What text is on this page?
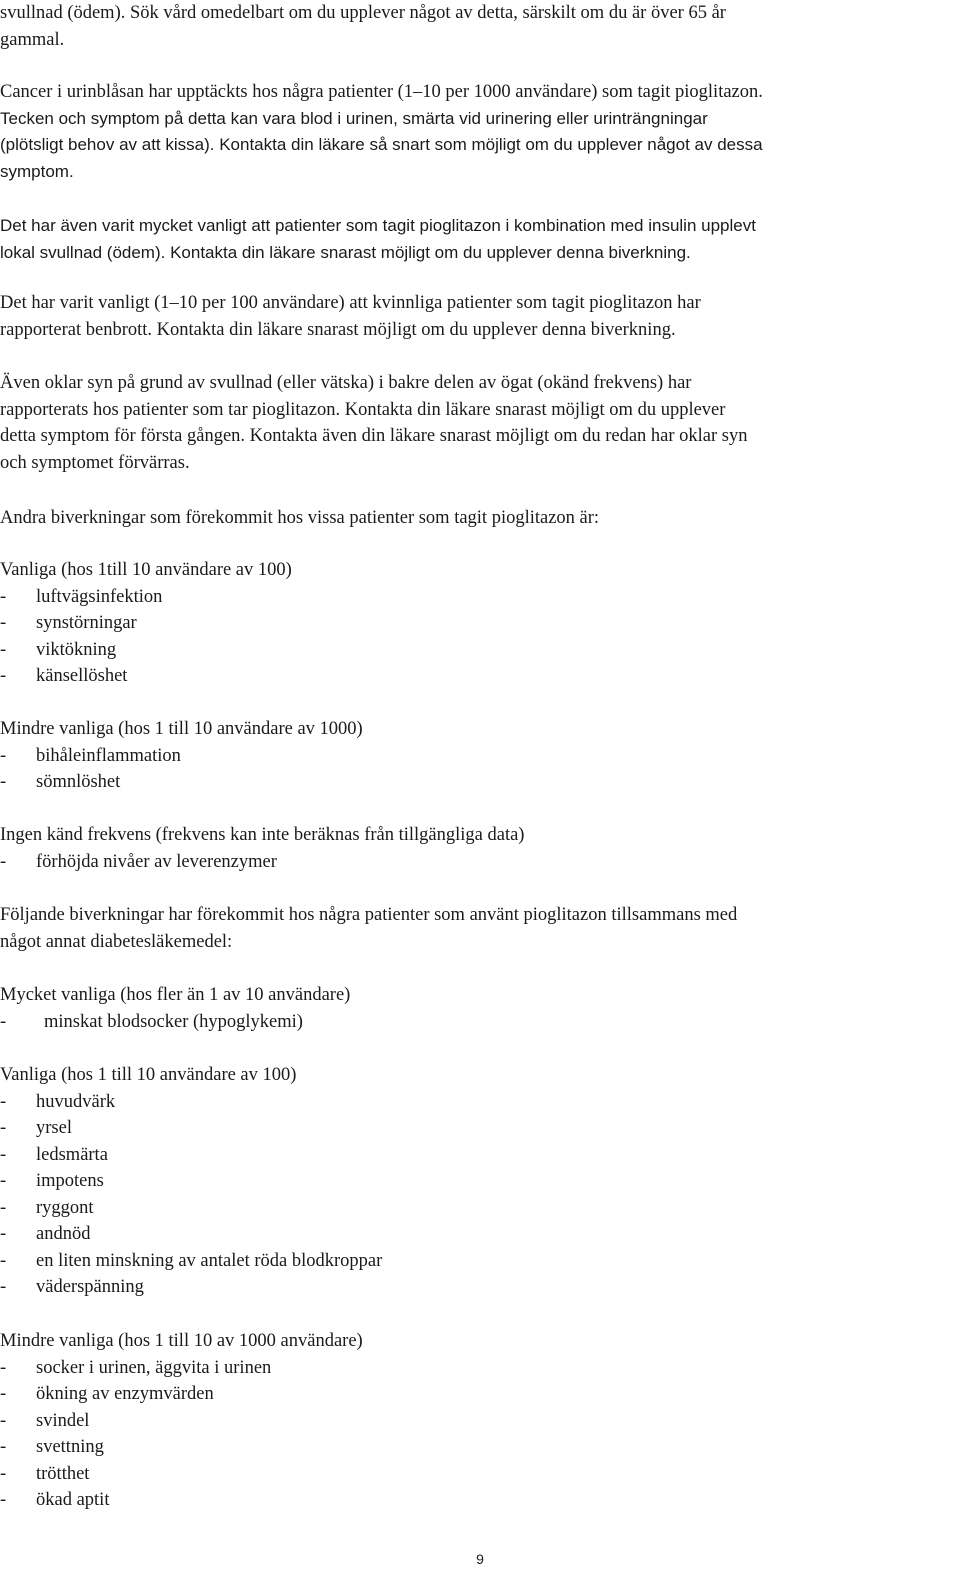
svullnad (ödem). Sök vård omedelbart om du upplever något av detta, särskilt om du är över 65 år
gammal.
Cancer i urinblåsan har upptäckts hos några patienter (1–10 per 1000 användare) som tagit pioglitazon.
Tecken och symptom på detta kan vara blod i urinen, smärta vid urinering eller urinträngningar
(plötsligt behov av att kissa). Kontakta din läkare så snart som möjligt om du upplever något av dessa
symptom.
Det har även varit mycket vanligt att patienter som tagit pioglitazon i kombination med insulin upplevt
lokal svullnad (ödem). Kontakta din läkare snarast möjligt om du upplever denna biverkning.
Det har varit vanligt (1–10 per 100 användare) att kvinnliga patienter som tagit pioglitazon har
rapporterat benbrott. Kontakta din läkare snarast möjligt om du upplever denna biverkning.
Även oklar syn på grund av svullnad (eller vätska) i bakre delen av ögat (okänd frekvens) har
rapporterats hos patienter som tar pioglitazon. Kontakta din läkare snarast möjligt om du upplever
detta symptom för första gången. Kontakta även din läkare snarast möjligt om du redan har oklar syn
och symptomet förvärras.
Andra biverkningar som förekommit hos vissa patienter som tagit pioglitazon är:
Vanliga (hos 1till 10 användare av 100)
- luftvägsinfektion
- synstörningar
- viktökning
- känsellöshet
Mindre vanliga (hos 1 till 10 användare av 1000)
- bihåleinflammation
- sömnlöshet
Ingen känd frekvens (frekvens kan inte beräknas från tillgängliga data)
- förhöjda nivåer av leverenzymer
Följande biverkningar har förekommit hos några patienter som använt pioglitazon tillsammans med
något annat diabetesläkemedel:
Mycket vanliga (hos fler än 1 av 10 användare)
- minskat blodsocker (hypoglykemi)
Vanliga (hos 1 till 10 användare av 100)
- huvudvärk
- yrsel
- ledsmärta
- impotens
- ryggont
- andnöd
- en liten minskning av antalet röda blodkroppar
- väderspänning
Mindre vanliga (hos 1 till 10 av 1000 användare)
- socker i urinen, äggvita i urinen
- ökning av enzymvärden
- svindel
- svettning
- trötthet
- ökad aptit
9
